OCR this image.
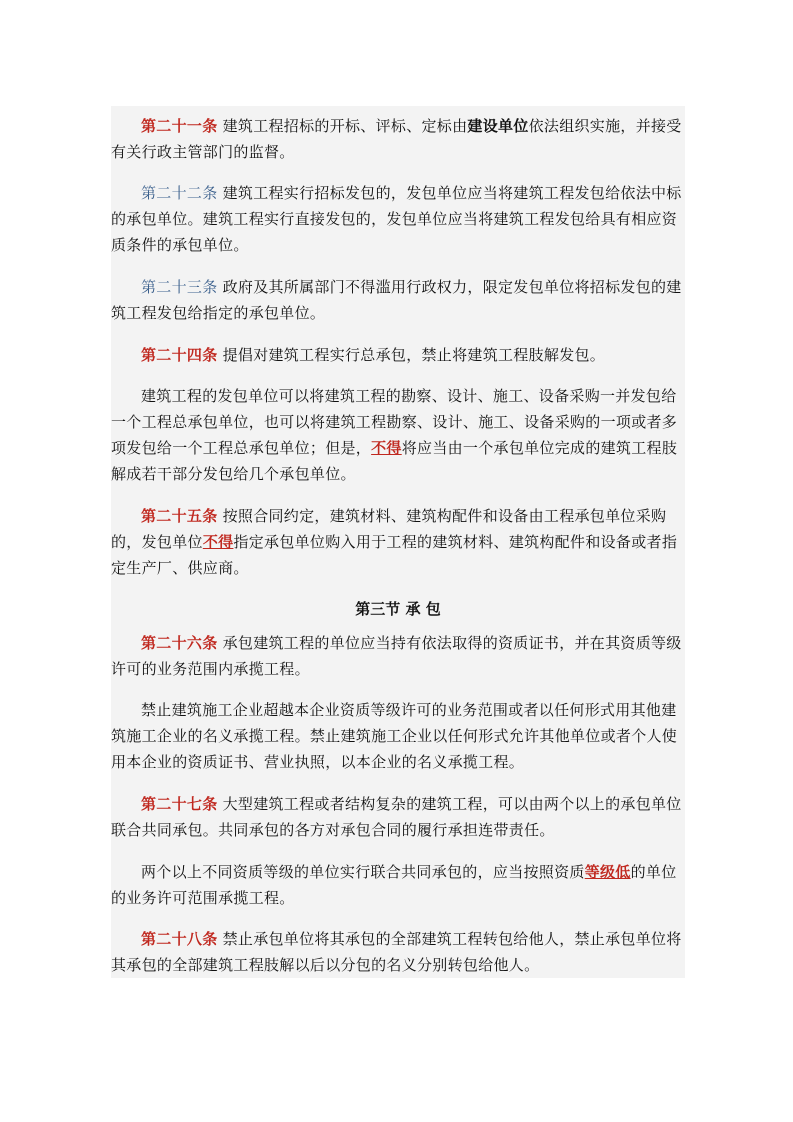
第二十一条 建筑工程招标的开标、评标、定标由建设单位依法组织实施，并接受有关行政主管部门的监督。

第二十二条 建筑工程实行招标发包的，发包单位应当将建筑工程发包给依法中标的承包单位。建筑工程实行直接发包的，发包单位应当将建筑工程发包给具有相应资质条件的承包单位。

第二十三条 政府及其所属部门不得滥用行政权力，限定发包单位将招标发包的建筑工程发包给指定的承包单位。

第二十四条 提倡对建筑工程实行总承包，禁止将建筑工程肢解发包。

建筑工程的发包单位可以将建筑工程的勘察、设计、施工、设备采购一并发包给一个工程总承包单位，也可以将建筑工程勘察、设计、施工、设备采购的一项或者多项发包给一个工程总承包单位；但是，不得将应当由一个承包单位完成的建筑工程肢解成若干部分发包给几个承包单位。

第二十五条 按照合同约定，建筑材料、建筑构配件和设备由工程承包单位采购的，发包单位不得指定承包单位购入用于工程的建筑材料、建筑构配件和设备或者指定生产厂、供应商。

第三节 承 包

第二十六条 承包建筑工程的单位应当持有依法取得的资质证书，并在其资质等级许可的业务范围内承揽工程。

禁止建筑施工企业超越本企业资质等级许可的业务范围或者以任何形式用其他建筑施工企业的名义承揽工程。禁止建筑施工企业以任何形式允许其他单位或者个人使用本企业的资质证书、营业执照，以本企业的名义承揽工程。

第二十七条 大型建筑工程或者结构复杂的建筑工程，可以由两个以上的承包单位联合共同承包。共同承包的各方对承包合同的履行承担连带责任。

两个以上不同资质等级的单位实行联合共同承包的，应当按照资质等级低的单位的业务许可范围承揽工程。

第二十八条 禁止承包单位将其承包的全部建筑工程转包给他人，禁止承包单位将其承包的全部建筑工程肢解以后以分包的名义分别转包给他人。
